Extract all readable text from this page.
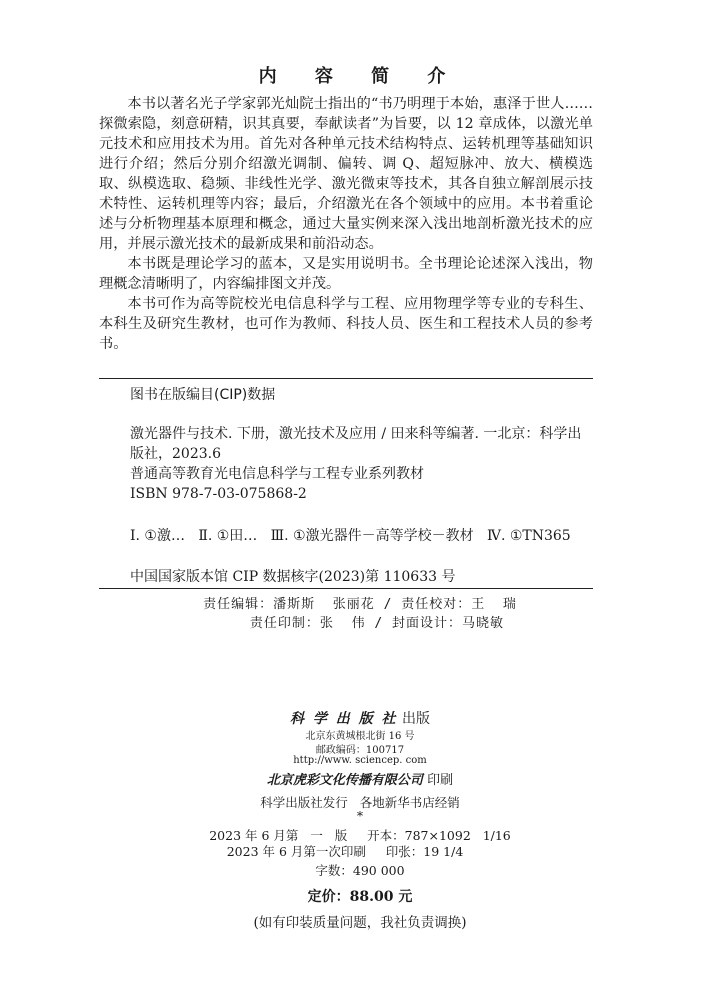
内 容 简 介

本书以著名光子学家郭光灿院士指出的“书乃明理于本始，惠泽于世人……探微索隐，刻意研精，识其真要，奉献读者”为旨要，以 12 章成体，以激光单元技术和应用技术为用。首先对各种单元技术结构特点、运转机理等基础知识进行介绍；然后分别介绍激光调制、偏转、调 Q、超短脉冲、放大、横模选取、纵模选取、稳频、非线性光学、激光微束等技术，其各自独立解剖展示技术特性、运转机理等内容；最后，介绍激光在各个领域中的应用。本书着重论述与分析物理基本原理和概念，通过大量实例来深入浅出地剖析激光技术的应用，并展示激光技术的最新成果和前沿动态。

本书既是理论学习的蓝本，又是实用说明书。全书理论论述深入浅出，物理概念清晰明了，内容编排图文并茂。

本书可作为高等院校光电信息科学与工程、应用物理学等专业的专科生、本科生及研究生教材，也可作为教师、科技人员、医生和工程技术人员的参考书。

图书在版编目(CIP)数据

激光器件与技术. 下册，激光技术及应用 / 田来科等编著. 一北京：科学出版社，2023.6

普通高等教育光电信息科学与工程专业系列教材

ISBN 978-7-03-075868-2

Ⅰ. ①激…   Ⅱ. ①田…   Ⅲ. ①激光器件－高等学校－教材   Ⅳ. ①TN365
中国国家版本馆 CIP 数据核字(2023)第 110633 号
责任编辑：潘斯斯  张丽花 / 责任校对：王  瑞
责任印制：张  伟 / 封面设计：马晓敏
科 学 出 版 社 出版
北京东黄城根北街 16 号
邮政编码：100717
http://www. sciencep. com
北京虎彩文化传播有限公司 印刷
科学出版社发行   各地新华书店经销
*
2023 年 6 月第   一   版     开本：787×1092   1/16
2023 年 6 月第一次印刷     印张：19 1/4
字数：490 000
定价：88.00 元
(如有印装质量问题，我社负责调换)
